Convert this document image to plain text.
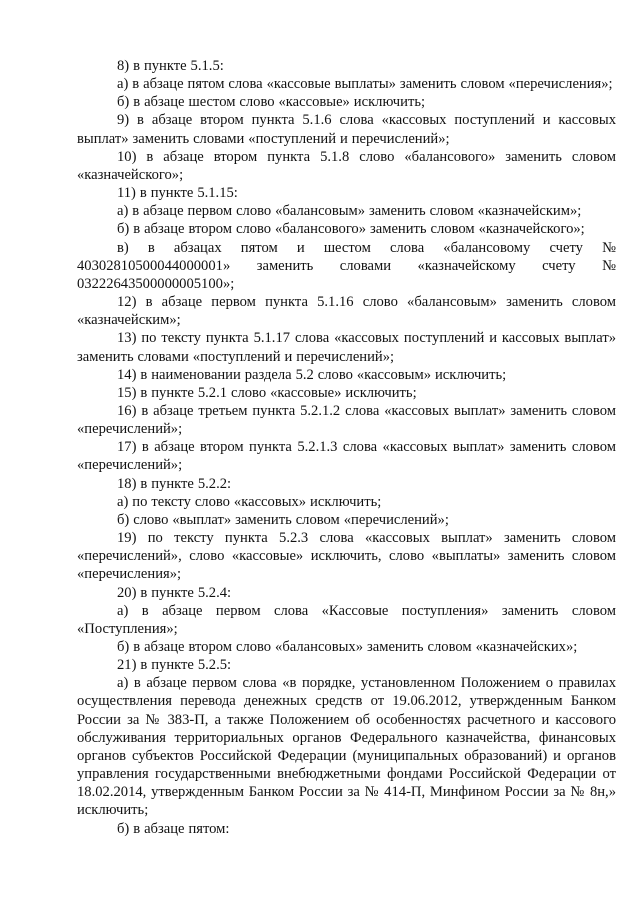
8) в пункте 5.1.5:

а) в абзаце пятом слова «кассовые выплаты» заменить словом «перечисления»;

б) в абзаце шестом слово «кассовые» исключить;

9) в абзаце втором пункта 5.1.6 слова «кассовых поступлений и кассовых выплат» заменить словами «поступлений и перечислений»;

10) в абзаце втором пункта 5.1.8 слово «балансового» заменить словом «казначейского»;

11) в пункте 5.1.15:

а) в абзаце первом слово «балансовым» заменить словом «казначейским»;

б) в абзаце втором слово «балансового» заменить словом «казначейского»;

в) в абзацах пятом и шестом слова «балансовому счету № 40302810500044000001» заменить словами «казначейскому счету № 03222643500000005100»;

12) в абзаце первом пункта 5.1.16 слово «балансовым» заменить словом «казначейским»;

13) по тексту пункта 5.1.17 слова «кассовых поступлений и кассовых выплат» заменить словами «поступлений и перечислений»;

14) в наименовании раздела 5.2 слово «кассовым» исключить;

15) в пункте 5.2.1 слово «кассовые» исключить;

16) в абзаце третьем пункта 5.2.1.2 слова «кассовых выплат» заменить словом «перечислений»;

17) в абзаце втором пункта 5.2.1.3 слова «кассовых выплат» заменить словом «перечислений»;

18) в пункте 5.2.2:

а) по тексту слово «кассовых» исключить;

б) слово «выплат» заменить словом «перечислений»;

19) по тексту пункта 5.2.3 слова «кассовых выплат» заменить словом «перечислений», слово «кассовые» исключить, слово «выплаты» заменить словом «перечисления»;

20) в пункте 5.2.4:

а) в абзаце первом слова «Кассовые поступления» заменить словом «Поступления»;

б) в абзаце втором слово «балансовых» заменить словом «казначейских»;

21) в пункте 5.2.5:

а) в абзаце первом слова «в порядке, установленном Положением о правилах осуществления перевода денежных средств от 19.06.2012, утвержденным Банком России за № 383-П, а также Положением об особенностях расчетного и кассового обслуживания территориальных органов Федерального казначейства, финансовых органов субъектов Российской Федерации (муниципальных образований) и органов управления государственными внебюджетными фондами Российской Федерации от 18.02.2014, утвержденным Банком России за № 414-П, Минфином России за № 8н,» исключить;

б) в абзаце пятом:
